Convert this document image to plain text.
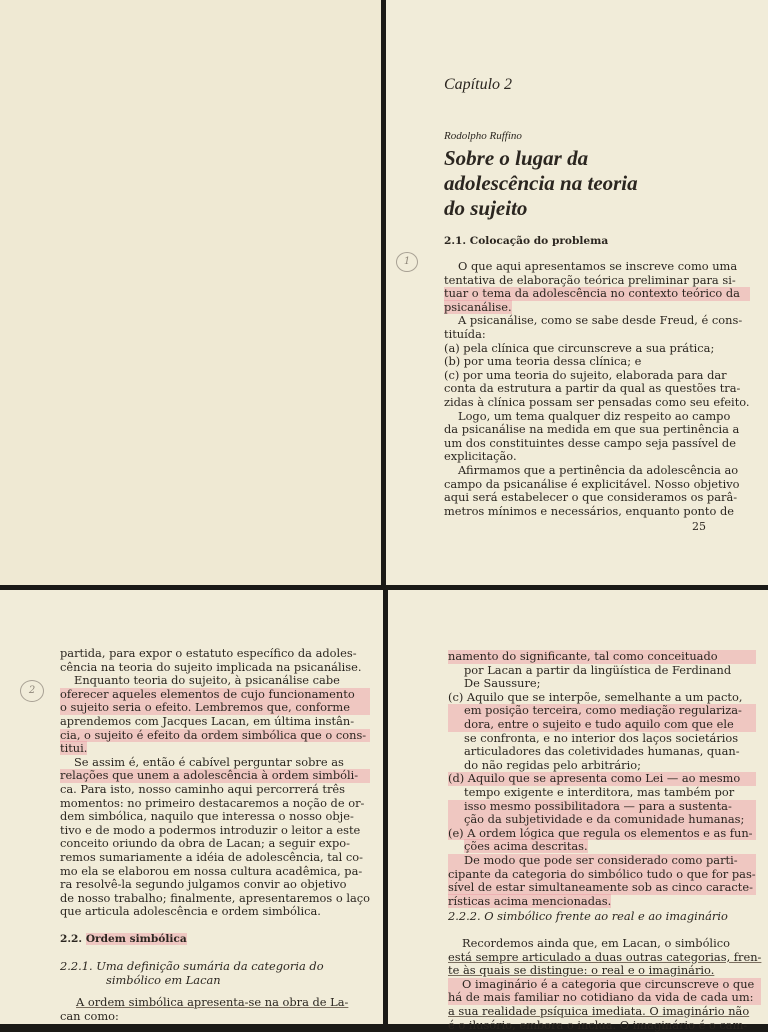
Capítulo 2
Rodolpho Ruffino
Sobre o lugar da
adolescência na teoria
do sujeito
2.1. Colocação do problema
1	O que aqui apresentamos se inscreve como uma
tentativa de elaboração teórica preliminar para si-
tuar o tema da adolescência no contexto teórico da
psicanálise.
A psicanálise, como se sabe desde Freud, é cons-
tituída:
(a) pela clínica que circunscreve a sua prática;
(b) por uma teoria dessa clínica; e
(c) por uma teoria do sujeito, elaborada para dar
conta da estrutura a partir da qual as questões tra-
zidas à clínica possam ser pensadas como seu efeito.
Logo, um tema qualquer diz respeito ao campo
da psicanálise na medida em que sua pertinência a
um dos constituintes desse campo seja passível de
explicitação.
Afirmamos que a pertinência da adolescência ao
campo da psicanálise é explicitável. Nosso objetivo
aqui será estabelecer o que consideramos os parâ-
metros mínimos e necessários, enquanto ponto de
25
2
partida, para expor o estatuto específico da adoles-
cência na teoria do sujeito implicada na psicanálise.
Enquanto teoria do sujeito, à psicanálise cabe
oferecer aqueles elementos de cujo funcionamento
o sujeito seria o efeito. Lembremos que, conforme
aprendemos com Jacques Lacan, em última instân-
cia, o sujeito é efeito da ordem simbólica que o cons-
titui.
Se assim é, então é cabível perguntar sobre as
relações que unem a adolescência à ordem simbóli-
ca. Para isto, nosso caminho aqui percorrerá três
momentos: no primeiro destacaremos a noção de or-
dem simbólica, naquilo que interessa o nosso obje-
tivo e de modo a podermos introduzir o leitor a este
conceito oriundo da obra de Lacan; a seguir expo-
remos sumariamente a idéia de adolescência, tal co-
mo ela se elaborou em nossa cultura acadêmica, pa-
ra resolvê-la segundo julgamos convir ao objetivo
de nosso trabalho; finalmente, apresentaremos o laço
que articula adolescência e ordem simbólica.
2.2. Ordem simbólica
2.2.1. Uma definição sumária da categoria do
simbólico em Lacan
A ordem simbólica apresenta-se na obra de La-
can como:
namento do significante, tal como conceituado
por Lacan a partir da lingüística de Ferdinand
De Saussure;
(c) Aquilo que se interpõe, semelhante a um pacto,
em posição terceira, como mediação regulariza-
dora, entre o sujeito e tudo aquilo com que ele
se confronta, e no interior dos laços societários
articuladores das coletividades humanas, quan-
do não regidas pelo arbitrário;
(d) Aquilo que se apresenta como Lei — ao mesmo
tempo exigente e interditora, mas também por
isso mesmo possibilitadora — para a sustenta-
ção da subjetividade e da comunidade humanas;
(e) A ordem lógica que regula os elementos e as fun-
ções acima descritas.
De modo que pode ser considerado como parti-
cipante da categoria do simbólico tudo o que for pas-
sível de estar simultaneamente sob as cinco caracte-
rísticas acima mencionadas.
2.2.2. O simbólico frente ao real e ao imaginário
Recordemos ainda que, em Lacan, o simbólico
está sempre articulado a duas outras categorias, fren-
te às quais se distingue: o real e o imaginário.
O imaginário é a categoria que circunscreve o que
há de mais familiar no cotidiano da vida de cada um:
a sua realidade psíquica imediata. O imaginário não
é o ilusório, embora o inclua. O imaginário é o cam-
